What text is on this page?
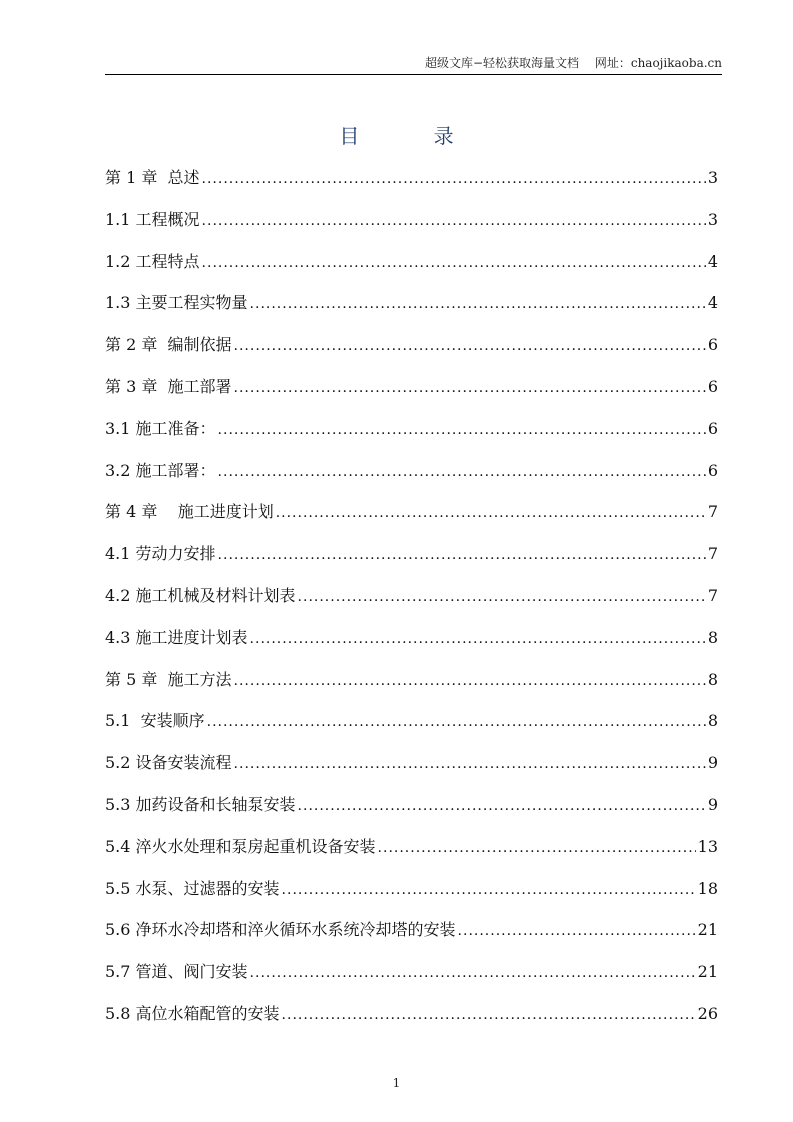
超级文库−轻松获取海量文档　 网址：chaojikaoba.cn
目 录
第 1 章  总述 .....	3
1.1 工程概况 .....	3
1.2 工程特点 .....	4
1.3 主要工程实物量 .....	4
第 2 章  编制依据 .....	6
第 3 章  施工部署 .....	6
3.1 施工准备： .....	6
3.2 施工部署： .....	6
第 4 章    施工进度计划 .....	7
4.1 劳动力安排 .....	7
4.2 施工机械及材料计划表 .....	7
4.3 施工进度计划表 .....	8
第 5 章  施工方法 .....	8
5.1  安装顺序 .....	8
5.2 设备安装流程 .....	9
5.3 加药设备和长轴泵安装 .....	9
5.4 淬火水处理和泵房起重机设备安装 .....	13
5.5 水泵、过滤器的安装 .....	18
5.6 净环水冷却塔和淬火循环水系统冷却塔的安装 .....	21
5.7 管道、阀门安装 .....	21
5.8 高位水箱配管的安装 .....	26
1
